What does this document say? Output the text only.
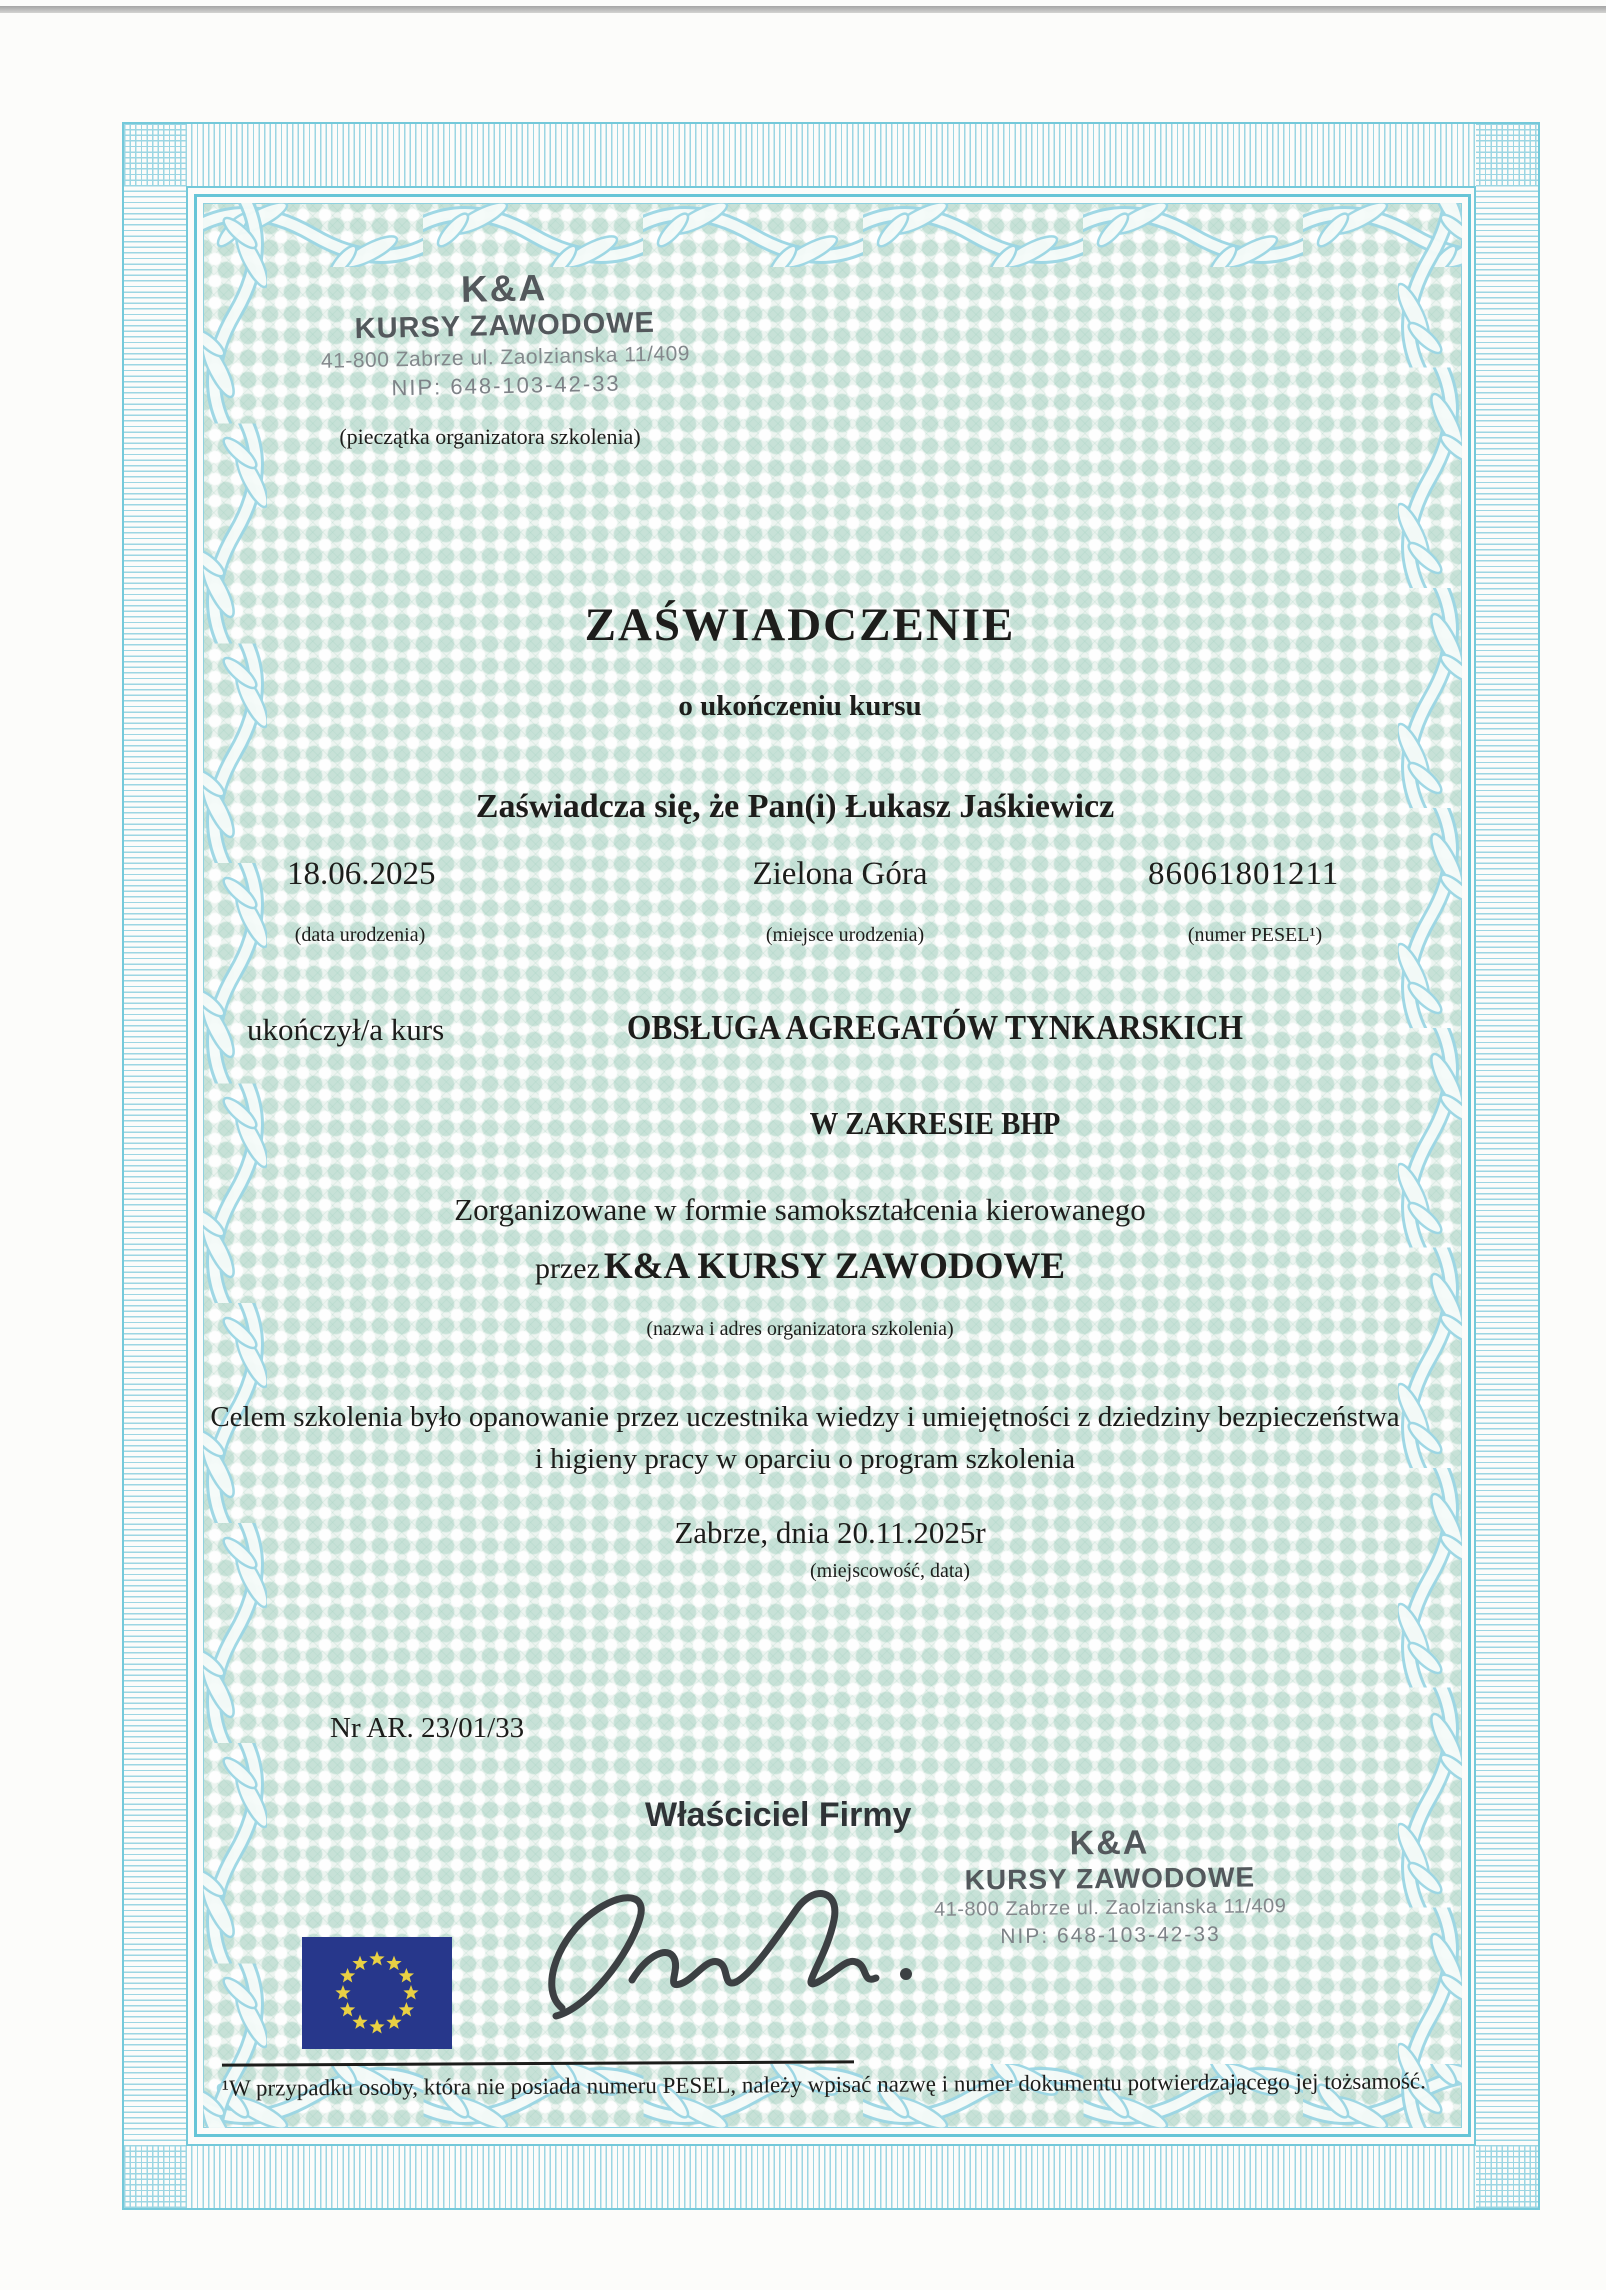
K&A
KURSY ZAWODOWE
41-800 Zabrze ul. Zaolzianska 11/409
NIP: 648-103-42-33
(pieczątka organizatora szkolenia)
ZAŚWIADCZENIE
o ukończeniu kursu
Zaświadcza się, że Pan(i) Łukasz Jaśkiewicz
18.06.2025	Zielona Góra	86061801211
(data urodzenia)	(miejsce urodzenia)	(numer PESEL¹)
ukończył/a kurs	OBSŁUGA AGREGATÓW TYNKARSKICH
W ZAKRESIE BHP
Zorganizowane w formie samokształcenia kierowanego
przez K&A KURSY ZAWODOWE
(nazwa i adres organizatora szkolenia)
Celem szkolenia było opanowanie przez uczestnika wiedzy i umiejętności z dziedziny bezpieczeństwa
i higieny pracy w oparciu o program szkolenia
Zabrze, dnia 20.11.2025r
(miejscowość, data)
Nr AR. 23/01/33
Właściciel Firmy
K&A
KURSY ZAWODOWE
41-800 Zabrze ul. Zaolzianska 11/409
NIP: 648-103-42-33
¹W przypadku osoby, która nie posiada numeru PESEL, należy wpisać nazwę i numer dokumentu potwierdzającego jej tożsamość.
